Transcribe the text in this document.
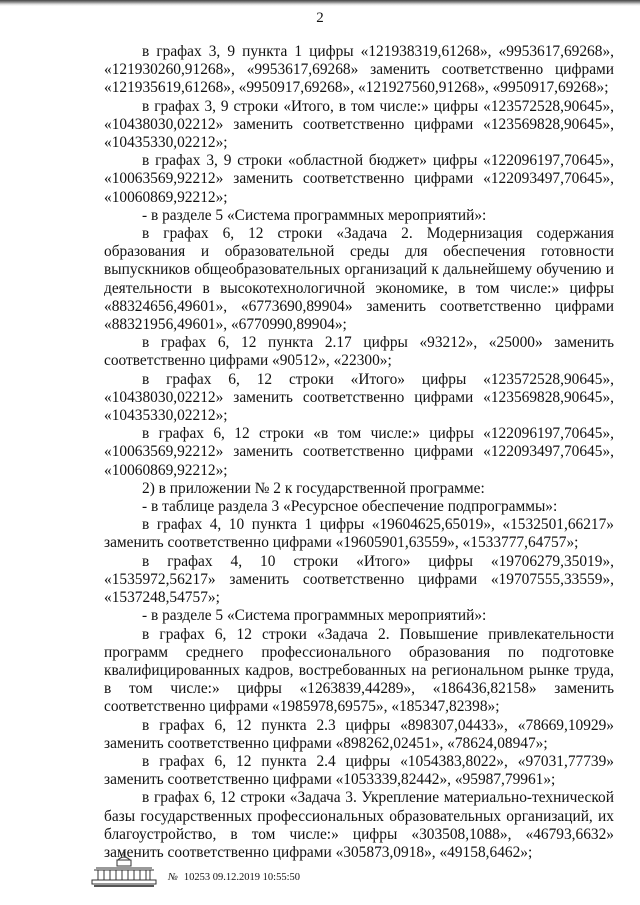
2

в графах 3, 9 пункта 1 цифры «121938319,61268», «9953617,69268», «121930260,91268», «9953617,69268» заменить соответственно цифрами «121935619,61268», «9950917,69268», «121927560,91268», «9950917,69268»;

в графах 3, 9 строки «Итого, в том числе:» цифры «123572528,90645», «10438030,02212» заменить соответственно цифрами «123569828,90645», «10435330,02212»;

в графах 3, 9 строки «областной бюджет» цифры «122096197,70645», «10063569,92212» заменить соответственно цифрами «122093497,70645», «10060869,92212»;

- в разделе 5 «Система программных мероприятий»:

в графах 6, 12 строки «Задача 2. Модернизация содержания образования и образовательной среды для обеспечения готовности выпускников общеобразовательных организаций к дальнейшему обучению и деятельности в высокотехнологичной экономике, в том числе:» цифры «88324656,49601», «6773690,89904» заменить соответственно цифрами «88321956,49601», «6770990,89904»;

в графах 6, 12 пункта 2.17 цифры «93212», «25000» заменить соответственно цифрами «90512», «22300»;

в графах 6, 12 строки «Итого» цифры «123572528,90645», «10438030,02212» заменить соответственно цифрами «123569828,90645», «10435330,02212»;

в графах 6, 12 строки «в том числе:» цифры «122096197,70645», «10063569,92212» заменить соответственно цифрами «122093497,70645», «10060869,92212»;

2) в приложении № 2 к государственной программе:

- в таблице раздела 3 «Ресурсное обеспечение подпрограммы»:

в графах 4, 10 пункта 1 цифры «19604625,65019», «1532501,66217» заменить соответственно цифрами «19605901,63559», «1533777,64757»;

в графах 4, 10 строки «Итого» цифры «19706279,35019», «1535972,56217» заменить соответственно цифрами «19707555,33559», «1537248,54757»;

- в разделе 5 «Система программных мероприятий»:

в графах 6, 12 строки «Задача 2. Повышение привлекательности программ среднего профессионального образования по подготовке квалифицированных кадров, востребованных на региональном рынке труда, в том числе:» цифры «1263839,44289», «186436,82158» заменить соответственно цифрами «1985978,69575», «185347,82398»;

в графах 6, 12 пункта 2.3 цифры «898307,04433», «78669,10929» заменить соответственно цифрами «898262,02451», «78624,08947»;

в графах 6, 12 пункта 2.4 цифры «1054383,8022», «97031,77739» заменить соответственно цифрами «1053339,82442», «95987,79961»;

в графах 6, 12 строки «Задача 3. Укрепление материально-технической базы государственных профессиональных образовательных организаций, их благоустройство, в том числе:» цифры «303508,1088», «46793,6632» заменить соответственно цифрами «305873,0918», «49158,6462»;

№ 10253 09.12.2019 10:55:50
